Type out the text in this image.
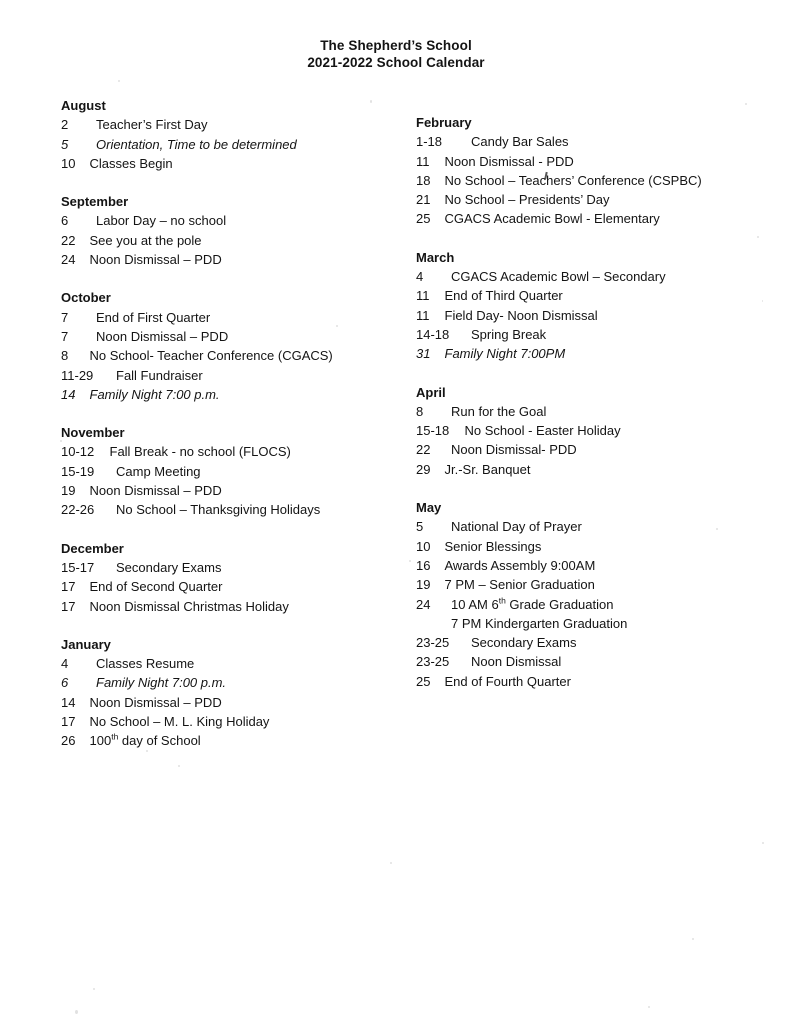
The Shepherd’s School
2021-2022 School Calendar
August
2   Teacher’s First Day
5   Orientation, Time to be determined
10  Classes Begin
September
6   Labor Day – no school
22  See you at the pole
24  Noon Dismissal – PDD
October
7   End of First Quarter
7   Noon Dismissal – PDD
8  No School- Teacher Conference (CGACS)
11-29   Fall Fundraiser
14  Family Night 7:00 p.m.
November
10-12  Fall Break - no school (FLOCS)
15-19   Camp Meeting
19  Noon Dismissal – PDD
22-26   No School – Thanksgiving Holidays
December
15-17   Secondary Exams
17  End of Second Quarter
17  Noon Dismissal Christmas Holiday
January
4   Classes Resume
6   Family Night 7:00 p.m.
14  Noon Dismissal – PDD
17  No School – M. L. King Holiday
26  100th day of School
February
1-18   Candy Bar Sales
11  Noon Dismissal - PDD
18  No School – Teachers’ Conference (CSPBC)
21  No School – Presidents’ Day
25  CGACS Academic Bowl - Elementary
March
4   CGACS Academic Bowl – Secondary
11  End of Third Quarter
11  Field Day- Noon Dismissal
14-18   Spring Break
31  Family Night 7:00PM
April
8   Run for the Goal
15-18  No School - Easter Holiday
22   Noon Dismissal- PDD
29  Jr.-Sr. Banquet
May
5   National Day of Prayer
10  Senior Blessings
16  Awards Assembly 9:00AM
19  7 PM – Senior Graduation
24   10 AM 6th Grade Graduation
  7 PM Kindergarten Graduation
23-25   Secondary Exams
23-25   Noon Dismissal
25  End of Fourth Quarter
